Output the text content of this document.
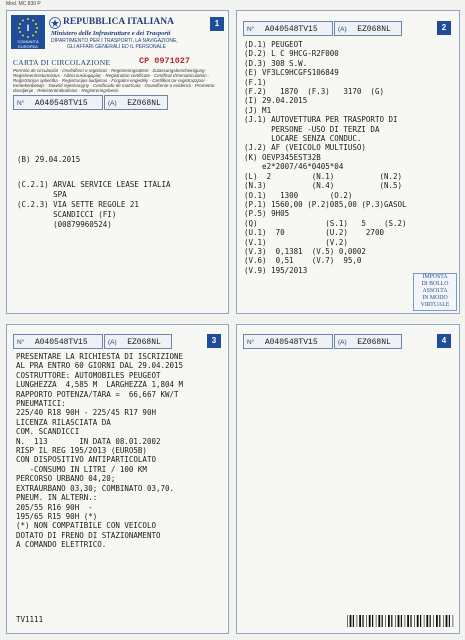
Mod. MC 830 P
I
COMUNITÀ EUROPEA
REPUBBLICA ITALIANA
Ministero delle Infrastrutture e dei Trasporti
DIPARTIMENTO PER I TRASPORTI, LA NAVIGAZIONE,
GLI AFFARI GENERALI ED IL PERSONALE
1
CARTA DI CIRCOLAZIONE	CP 0971027
Permiso de circulación · Osvědčení o registraci · Registreringsattest · Zulassungsbescheinigung · Registreerimistunnistus · Άδεια κυκλοφορίας · Registration certificate · Certificat d'immatriculation · Reģistrācijas apliecība · Registracijos liudijimas · Forgalmi engedély · Certifikat tar-reġistrazzjoni · Kentekenbewijs · Dowód rejestracyjny · Certificado de matrícula · Osvedčenie o evidencii · Prometno dovoljenje · Rekisteröintitodistus · Registreringsbevis
N° A040548TV15	(A) EZ068NL
(B) 29.04.2015
(C.2.1) ARVAL SERVICE LEASE ITALIA
SPA
(C.2.3) VIA SETTE REGOLE 21
SCANDICCI (FI)
(00879960524)
N° A040548TV15	(A) EZ068NL	2
(D.1) PEUGEOT
(D.2) L C 9HCG-R2F000
(D.3) 308 S.W.
(E) VF3LC9HCGFS106849
(F.1)
(F.2)   1870  (F.3)   3170  (G)
(I) 29.04.2015
(J) M1
(J.1) AUTOVETTURA PER TRASPORTO DI
PERSONE -USO DI TERZI DA
LOCARE SENZA CONDUC.
(J.2) AF (VEICOLO MULTIUSO)
(K) OEVP345EST32B
e2*2007/46*0405*04
(L)  2         (N.1)          (N.2)
(N.3)          (N.4)          (N.5)
(O.1)   1300       (O.2)
(P.1) 1560,00 (P.2)085,00 (P.3)GASOL
(P.5) 9H05
(Q)               (S.1)   5    (S.2)
(U.1)  70         (U.2)    2700
(V.1)             (V.2)
(V.3)  0,1381  (V.5) 0,0002
(V.6)  0,51    (V.7)  95,0
(V.9) 195/2013
IMPOSTA
DI BOLLO
ASSOLTA
IN MODO
VIRTUALE
N° A040548TV15	(A) EZ068NL	3
PRESENTARE LA RICHIESTA DI ISCRIZIONE
AL PRA ENTRO 60 GIORNI DAL 29.04.2015
COSTRUTTORE: AUTOMOBILES PEUGEOT
LUNGHEZZA  4,585 M  LARGHEZZA 1,804 M
RAPPORTO POTENZA/TARA =  66,667 KW/T
PNEUMATICI:
225/40 R18 90H - 225/45 R17 90H
LICENZA RILASCIATA DA
COM. SCANDICCI
N.  113       IN DATA 08.01.2002
RISP IL REG 195/2013 (EURO5B)
CON DISPOSITIVO ANTIPARTICOLATO
-CONSUMO IN LITRI / 100 KM
PERCORSO URBANO 04,20;
EXTRAURBANO 03,30; COMBINATO 03,70.
PNEUM. IN ALTERN.:
205/55 R16 90H  -
195/65 R15 90H (*)
(*) NON COMPATIBILE CON VEICOLO
DOTATO DI FRENO DI STAZIONAMENTO
A COMANDO ELETTRICO.
TV1111
N° A040548TV15	(A) EZ068NL	4
